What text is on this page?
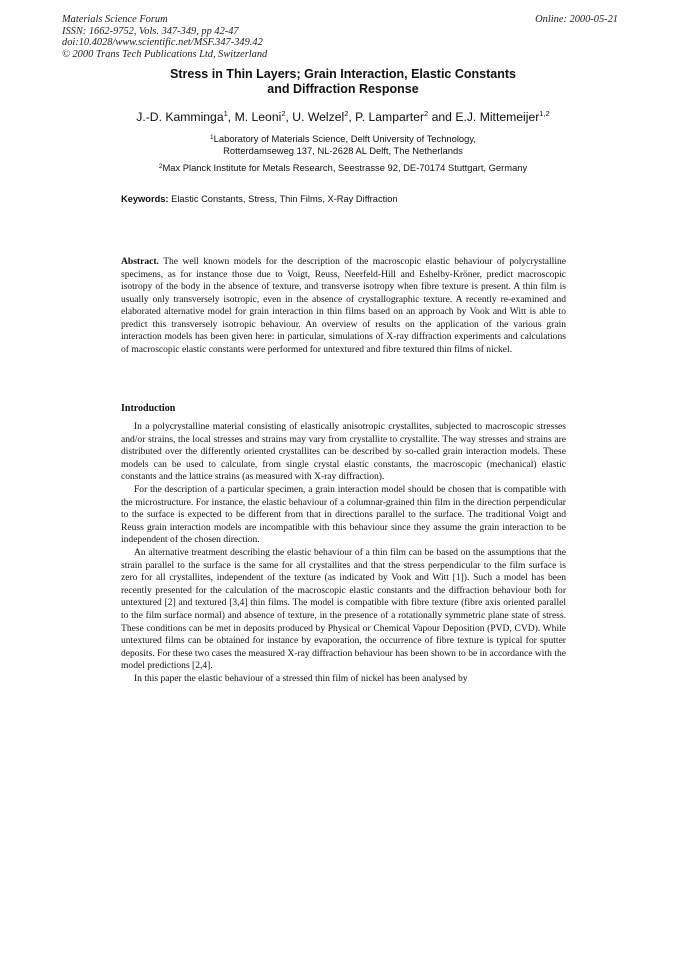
Materials Science Forum
ISSN: 1662-9752, Vols. 347-349, pp 42-47
doi:10.4028/www.scientific.net/MSF.347-349.42
© 2000 Trans Tech Publications Ltd, Switzerland
Online: 2000-05-21
Stress in Thin Layers; Grain Interaction, Elastic Constants
and Diffraction Response
J.-D. Kamminga$^1$, M. Leoni$^2$, U. Welzel$^2$, P. Lamparter$^2$ and E.J. Mittemeijer$^{1,2}$
$^1$Laboratory of Materials Science, Delft University of Technology,
Rotterdamseweg 137, NL-2628 AL Delft, The Netherlands
$^2$Max Planck Institute for Metals Research, Seestrasse 92, DE-70174 Stuttgart, Germany
Keywords: Elastic Constants, Stress, Thin Films, X-Ray Diffraction

Abstract. The well known models for the description of the macroscopic elastic behaviour of polycrystalline specimens, as for instance those due to Voigt, Reuss, Neerfeld-Hill and Eshelby-Kröner, predict macroscopic isotropy of the body in the absence of texture, and transverse isotropy when fibre texture is present. A thin film is usually only transversely isotropic, even in the absence of crystallographic texture. A recently re-examined and elaborated alternative model for grain interaction in thin films based on an approach by Vook and Witt is able to predict this transversely isotropic behaviour. An overview of results on the application of the various grain interaction models has been given here: in particular, simulations of X-ray diffraction experiments and calculations of macroscopic elastic constants were performed for untextured and fibre textured thin films of nickel.

Introduction

In a polycrystalline material consisting of elastically anisotropic crystallites, subjected to macroscopic stresses and/or strains, the local stresses and strains may vary from crystallite to crystallite. The way stresses and strains are distributed over the differently oriented crystallites can be described by so-called grain interaction models. These models can be used to calculate, from single crystal elastic constants, the macroscopic (mechanical) elastic constants and the lattice strains (as measured with X-ray diffraction).

For the description of a particular specimen, a grain interaction model should be chosen that is compatible with the microstructure. For instance, the elastic behaviour of a columnar-grained thin film in the direction perpendicular to the surface is expected to be different from that in directions parallel to the surface. The traditional Voigt and Reuss grain interaction models are incompatible with this behaviour since they assume the grain interaction to be independent of the chosen direction.

An alternative treatment describing the elastic behaviour of a thin film can be based on the assumptions that the strain parallel to the surface is the same for all crystallites and that the stress perpendicular to the film surface is zero for all crystallites, independent of the texture (as indicated by Vook and Witt [1]). Such a model has been recently presented for the calculation of the macroscopic elastic constants and the diffraction behaviour both for untextured [2] and textured [3,4] thin films. The model is compatible with fibre texture (fibre axis oriented parallel to the film surface normal) and absence of texture, in the presence of a rotationally symmetric plane state of stress. These conditions can be met in deposits produced by Physical or Chemical Vapour Deposition (PVD, CVD). While untextured films can be obtained for instance by evaporation, the occurrence of fibre texture is typical for sputter deposits. For these two cases the measured X-ray diffraction behaviour has been shown to be in accordance with the model predictions [2,4].

In this paper the elastic behaviour of a stressed thin film of nickel has been analysed by
